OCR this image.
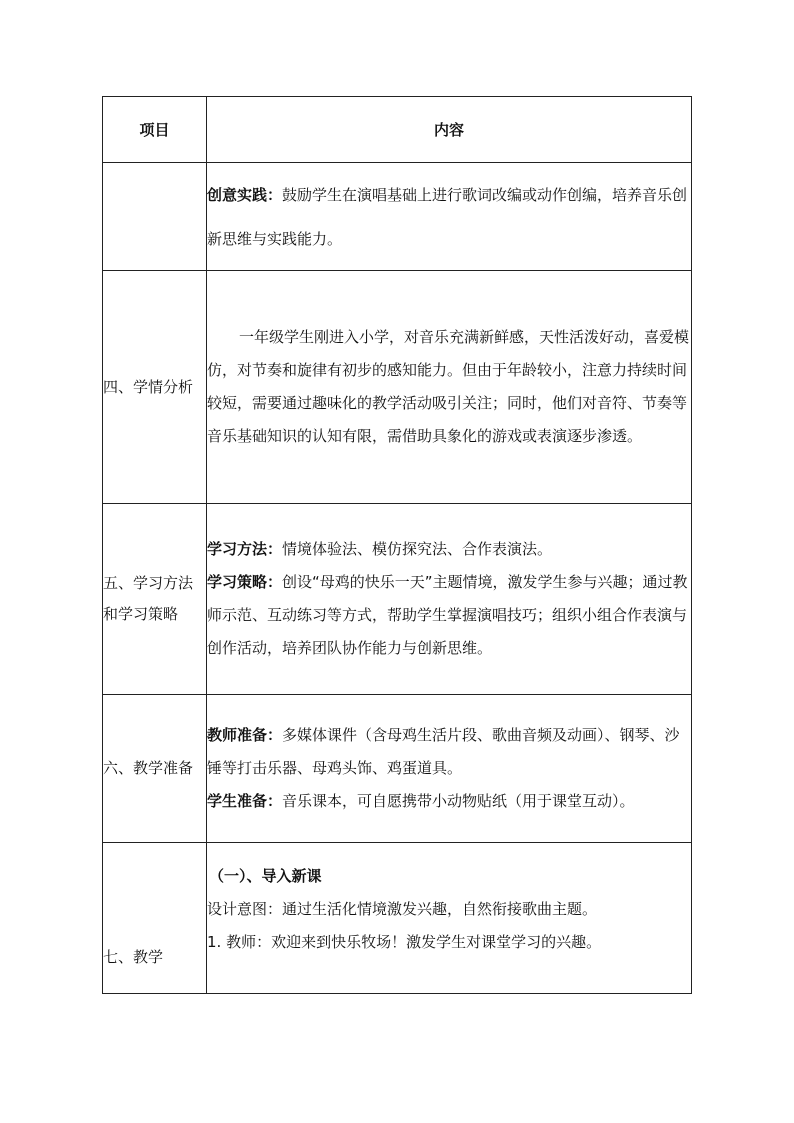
项目	内容
	创意实践：鼓励学生在演唱基础上进行歌词改编或动作创编，培养音乐创新思维与实践能力。
四、学情分析	一年级学生刚进入小学，对音乐充满新鲜感，天性活泼好动，喜爱模仿，对节奏和旋律有初步的感知能力。但由于年龄较小，注意力持续时间较短，需要通过趣味化的教学活动吸引关注；同时，他们对音符、节奏等音乐基础知识的认知有限，需借助具象化的游戏或表演逐步渗透。

五、学习方法和学习策略	学习方法：情境体验法、模仿探究法、合作表演法。

学习策略：创设“母鸡的快乐一天”主题情境，激发学生参与兴趣；通过教师示范、互动练习等方式，帮助学生掌握演唱技巧；组织小组合作表演与创作活动，培养团队协作能力与创新思维。

六、教学准备	教师准备：多媒体课件（含母鸡生活片段、歌曲音频及动画）、钢琴、沙锤等打击乐器、母鸡头饰、鸡蛋道具。

学生准备：音乐课本，可自愿携带小动物贴纸（用于课堂互动）。

七、教学	（一）、导入新课

设计意图：通过生活化情境激发兴趣，自然衔接歌曲主题。

1. 教师：欢迎来到快乐牧场！激发学生对课堂学习的兴趣。
